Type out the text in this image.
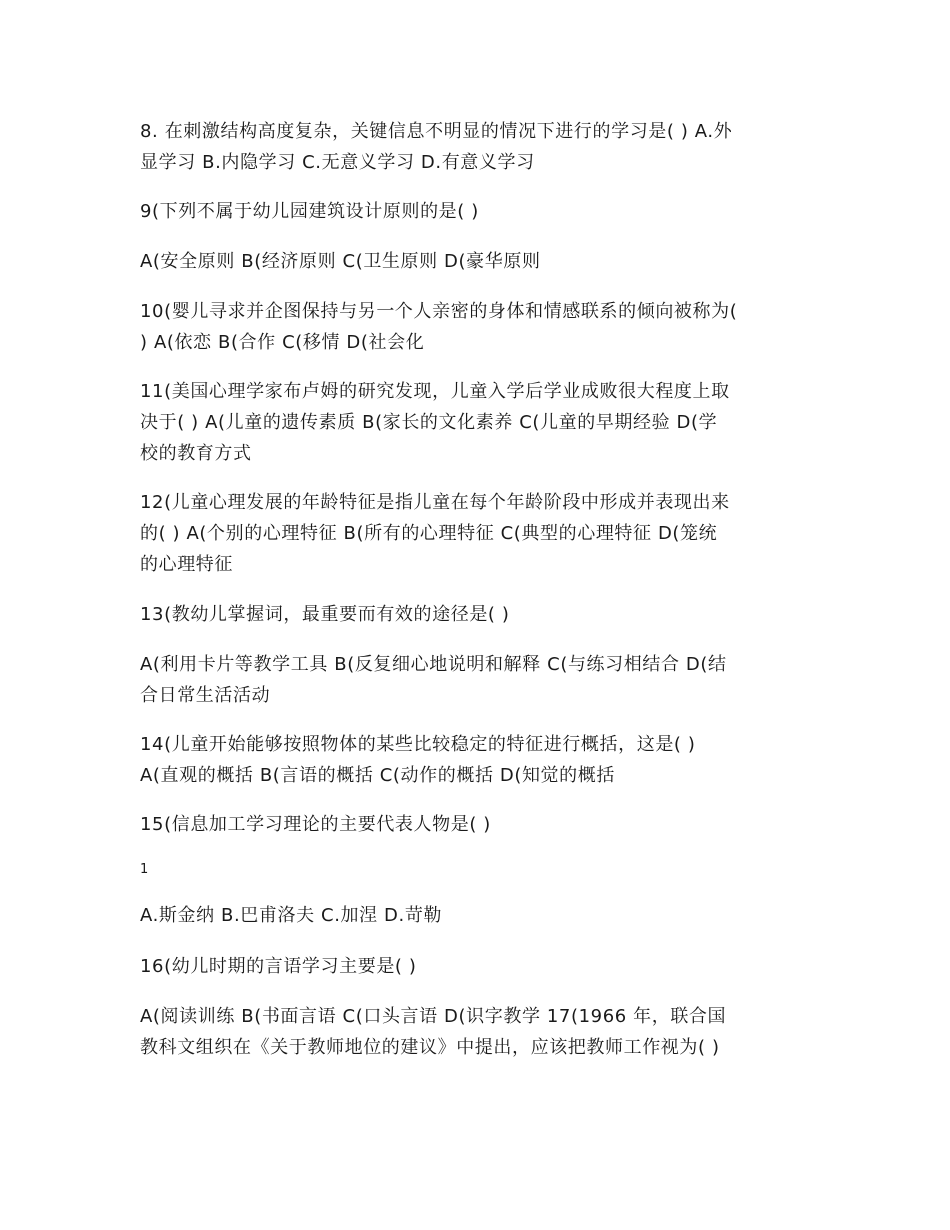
8. 在刺激结构高度复杂，关键信息不明显的情况下进行的学习是( ) A.外
显学习 B.内隐学习 C.无意义学习 D.有意义学习
9(下列不属于幼儿园建筑设计原则的是( )
A(安全原则 B(经济原则 C(卫生原则 D(豪华原则
10(婴儿寻求并企图保持与另一个人亲密的身体和情感联系的倾向被称为(
) A(依恋 B(合作 C(移情 D(社会化
11(美国心理学家布卢姆的研究发现，儿童入学后学业成败很大程度上取
决于( ) A(儿童的遗传素质 B(家长的文化素养 C(儿童的早期经验 D(学
校的教育方式
12(儿童心理发展的年龄特征是指儿童在每个年龄阶段中形成并表现出来
的( ) A(个别的心理特征 B(所有的心理特征 C(典型的心理特征 D(笼统
的心理特征
13(教幼儿掌握词，最重要而有效的途径是( )
A(利用卡片等教学工具 B(反复细心地说明和解释 C(与练习相结合 D(结
合日常生活活动
14(儿童开始能够按照物体的某些比较稳定的特征进行概括，这是( )
A(直观的概括 B(言语的概括 C(动作的概括 D(知觉的概括
15(信息加工学习理论的主要代表人物是( )
1
A.斯金纳 B.巴甫洛夫 C.加涅 D.苛勒
16(幼儿时期的言语学习主要是( )
A(阅读训练 B(书面言语 C(口头言语 D(识字教学 17(1966 年，联合国
教科文组织在《关于教师地位的建议》中提出，应该把教师工作视为( )
